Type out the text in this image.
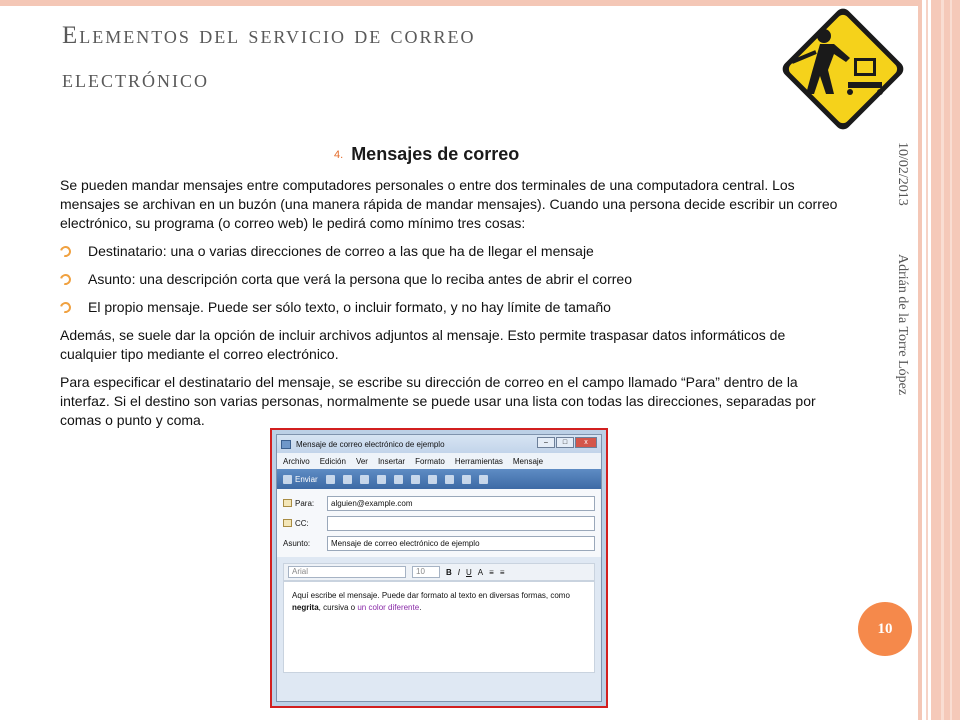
Elementos del servicio de correo
electrónico
4. Mensajes de correo

Se pueden mandar mensajes entre computadores personales o entre dos terminales de una computadora central. Los mensajes se archivan en un buzón (una manera rápida de mandar mensajes). Cuando una persona decide escribir un correo electrónico, su programa (o correo web) le pedirá como mínimo tres cosas:

Destinatario: una o varias direcciones de correo a las que ha de llegar el mensaje
Asunto: una descripción corta que verá la persona que lo reciba antes de abrir el correo
El propio mensaje. Puede ser sólo texto, o incluir formato, y no hay límite de tamaño

Además, se suele dar la opción de incluir archivos adjuntos al mensaje. Esto permite traspasar datos informáticos de cualquier tipo mediante el correo electrónico.

Para especificar el destinatario del mensaje, se escribe su dirección de correo en el campo llamado “Para” dentro de la interfaz. Si el destino son varias personas, normalmente se puede usar una lista con todas las direcciones, separadas por comas o punto y coma.

10/02/2013
Adrián de la Torre López
10
Mensaje de correo electrónico de ejemplo	–	□	x
Archivo Edición Ver Insertar Formato Herramientas Mensaje
Enviar
Para:	alguien@example.com
CC:
Asunto:	Mensaje de correo electrónico de ejemplo
Arial	10	B I U A ≡ ≡
Aquí escribe el mensaje. Puede dar formato al texto en diversas formas, como negrita, cursiva o un color diferente.
